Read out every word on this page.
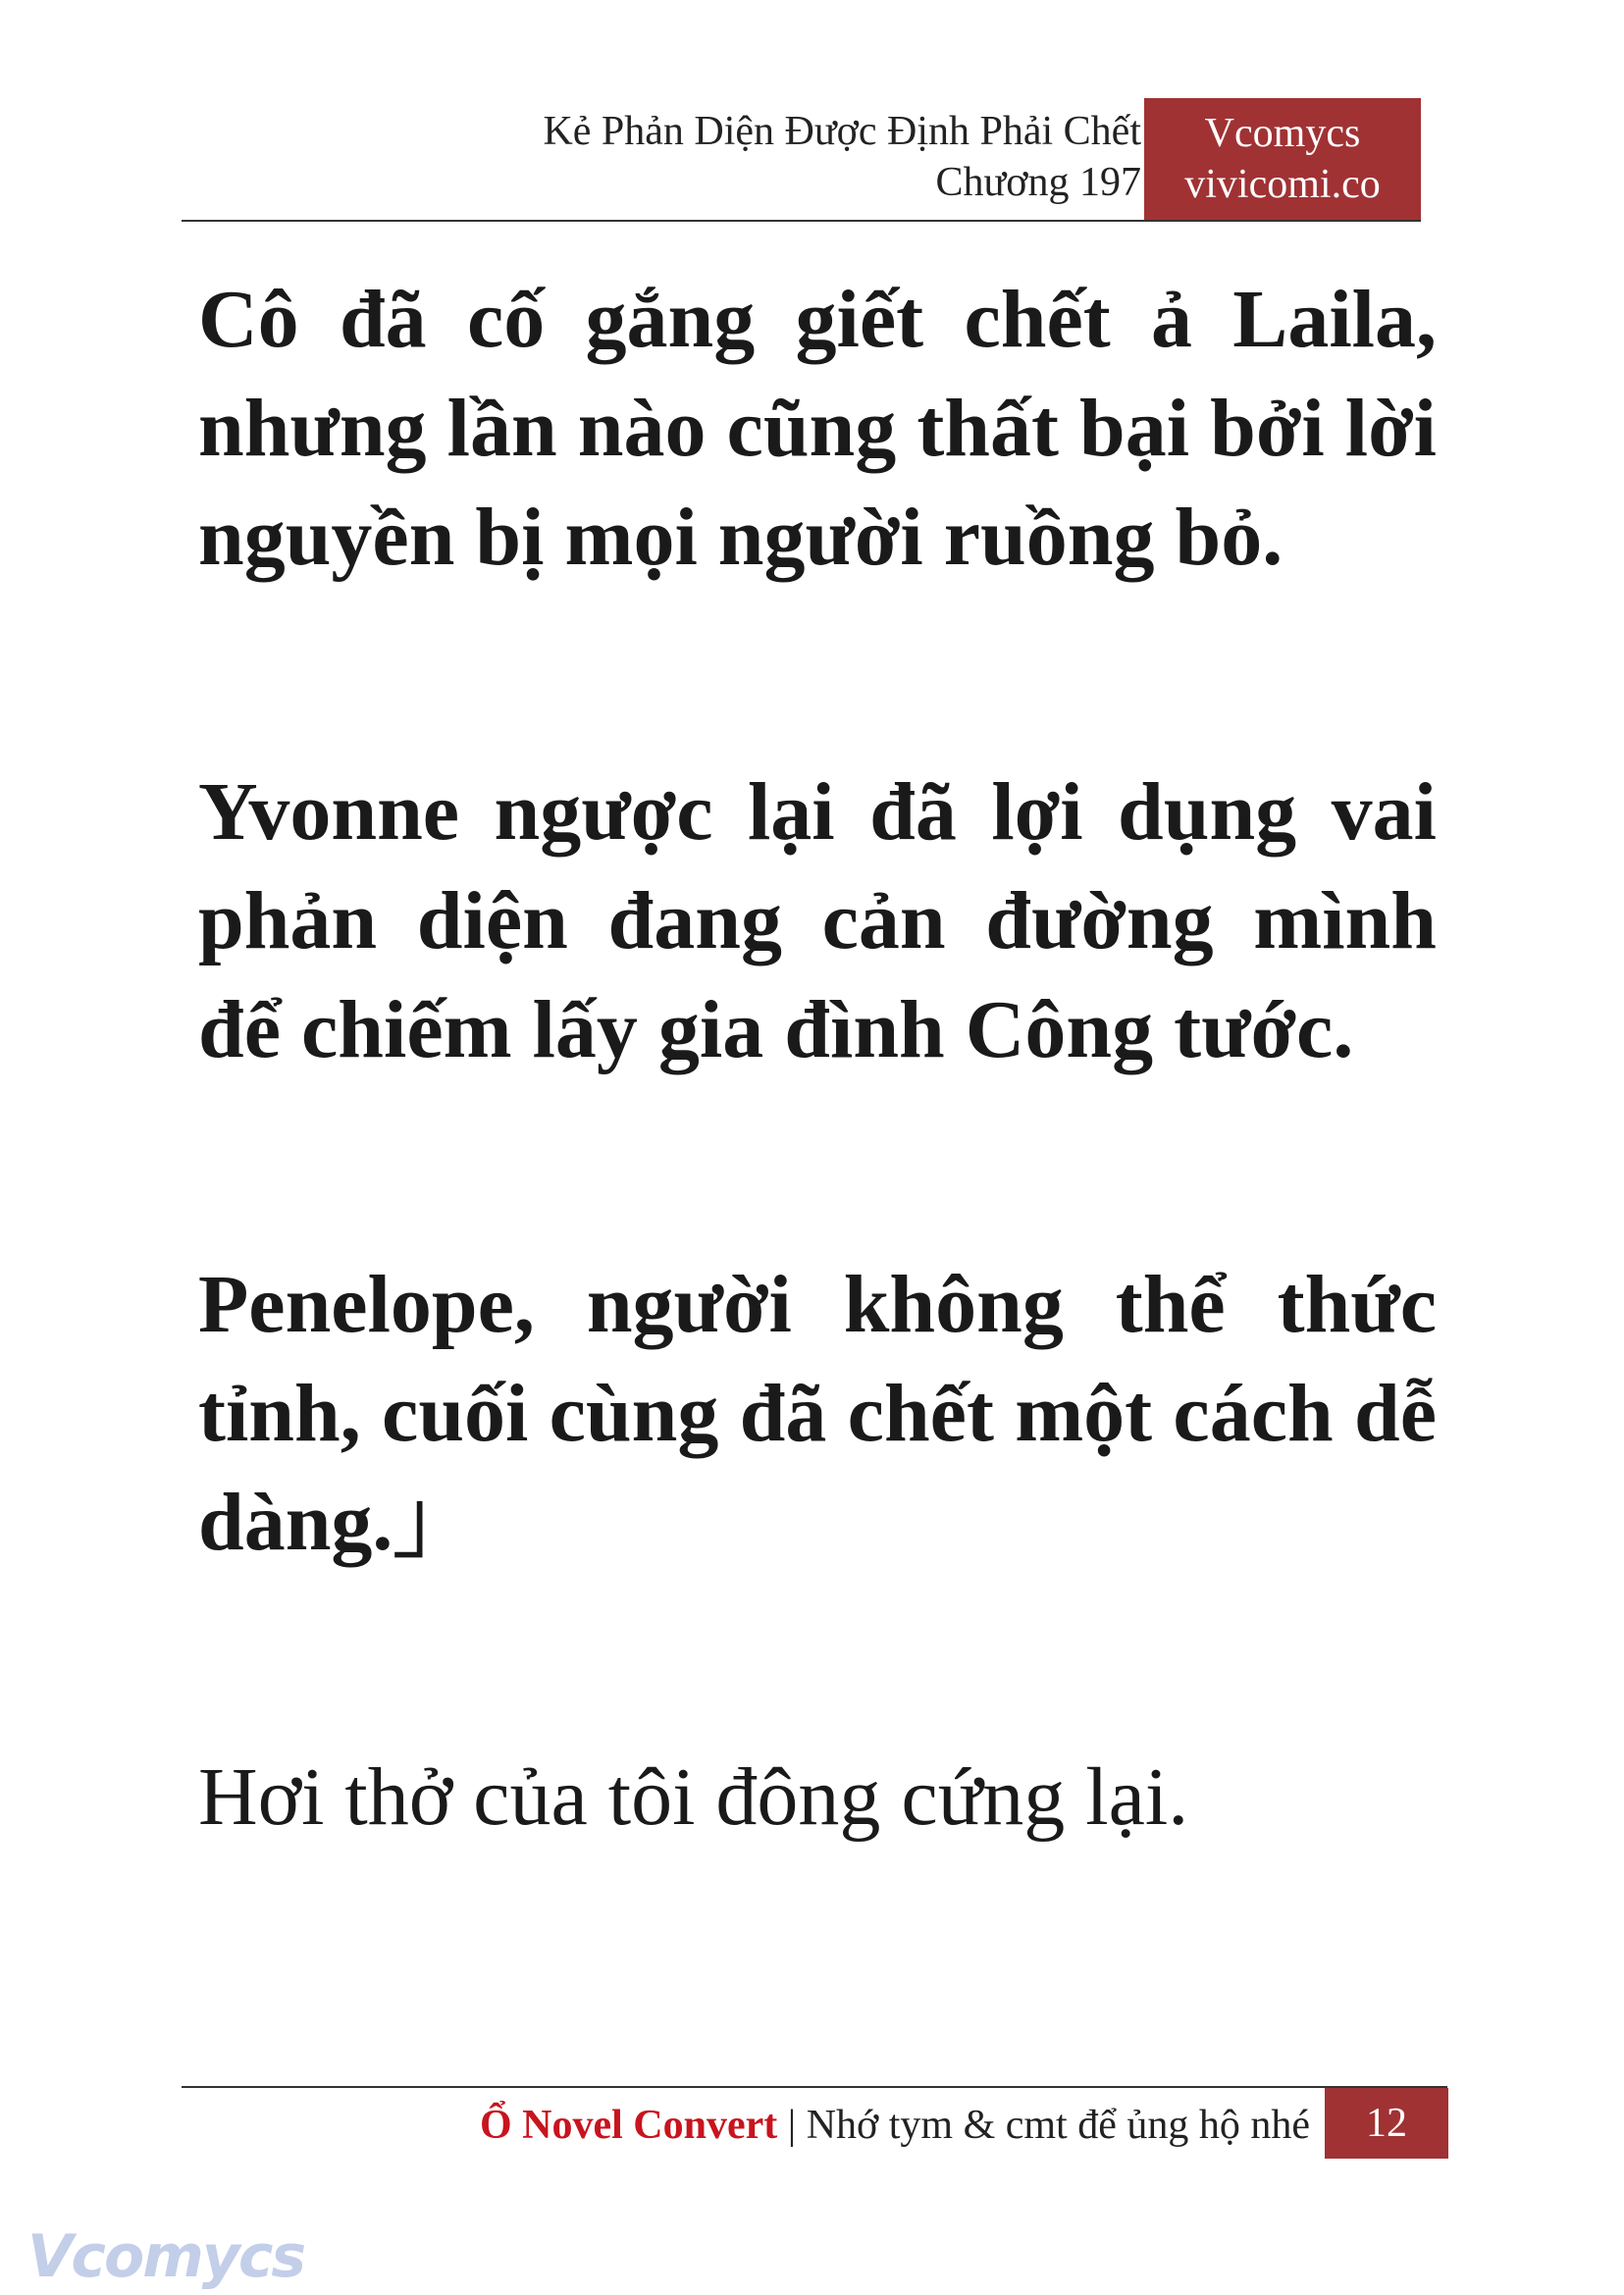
Kẻ Phản Diện Được Định Phải Chết
Chương 197
Vcomycs
vivicomi.co

Cô đã cố gắng giết chết ả Laila, nhưng lần nào cũng thất bại bởi lời nguyền bị mọi người ruồng bỏ.

Yvonne ngược lại đã lợi dụng vai phản diện đang cản đường mình để chiếm lấy gia đình Công tước.

Penelope, người không thể thức tỉnh, cuối cùng đã chết một cách dễ dàng.」

Hơi thở của tôi đông cứng lại.

Ổ Novel Convert | Nhớ tym & cmt để ủng hộ nhé	12
Vcomycs
